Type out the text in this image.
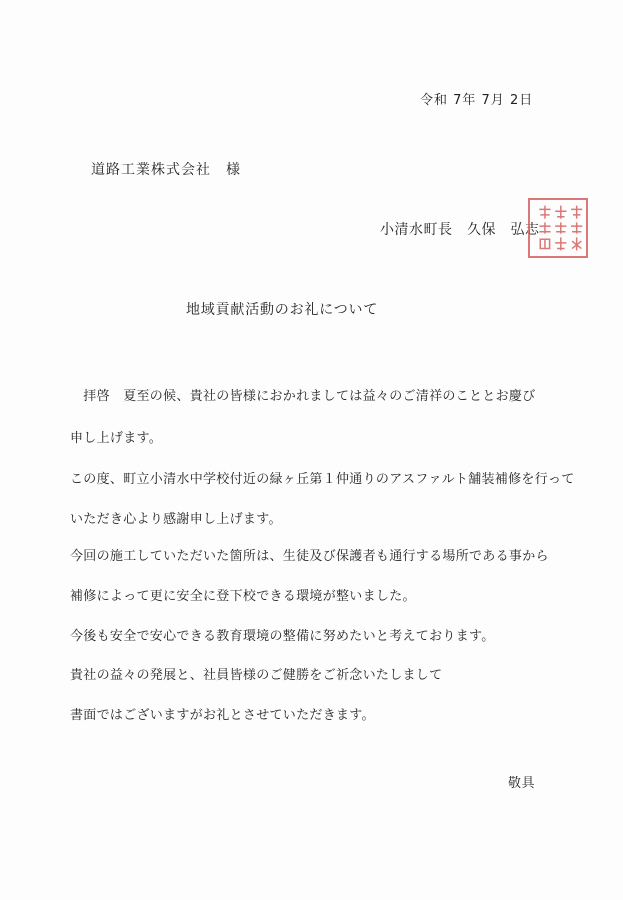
令和 7年 7月 2日
道路工業株式会社　様
小清水町長　久保　弘志
地域貢献活動のお礼について
　拝啓　夏至の候、貴社の皆様におかれましては益々のご清祥のこととお慶び
申し上げます。
この度、町立小清水中学校付近の緑ヶ丘第１仲通りのアスファルト舗装補修を行って
いただき心より感謝申し上げます。
今回の施工していただいた箇所は、生徒及び保護者も通行する場所である事から
補修によって更に安全に登下校できる環境が整いました。
今後も安全で安心できる教育環境の整備に努めたいと考えております。
貴社の益々の発展と、社員皆様のご健勝をご祈念いたしまして
書面ではございますがお礼とさせていただきます。
敬具
